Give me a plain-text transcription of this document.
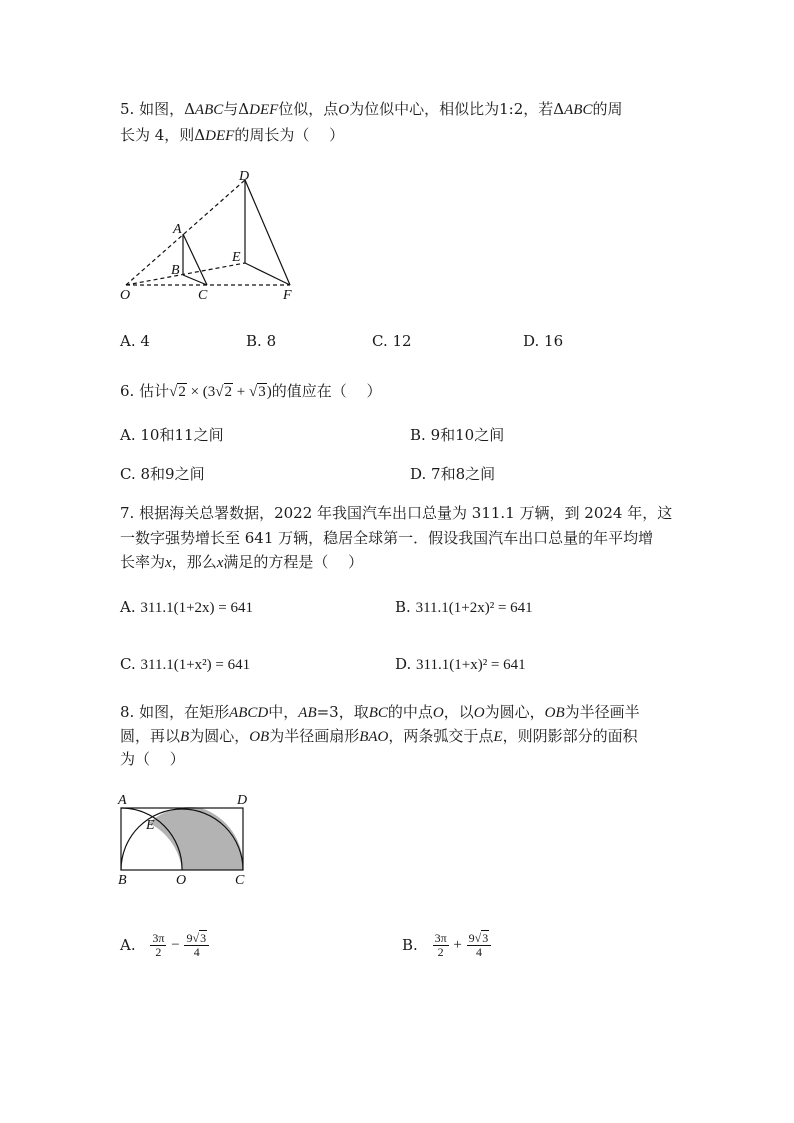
5. 如图，ΔABC与ΔDEF位似，点O为位似中心，相似比为1:2，若ΔABC的周
长为 4，则ΔDEF的周长为（　 ）
D
A
E
B
O	C	F
A. 4	B. 8	C. 12	D. 16
6. 估计√2 × (3√2 + √3)的值应在（　 ）
A. 10和11之间	B. 9和10之间
C. 8和9之间	D. 7和8之间
7. 根据海关总署数据，2022 年我国汽车出口总量为 311.1 万辆，到 2024 年，这
一数字强势增长至 641 万辆，稳居全球第一．假设我国汽车出口总量的年平均增
长率为x，那么x满足的方程是（　 ）
A. 311.1(1+2x) = 641	B. 311.1(1+2x)² = 641
C. 311.1(1+x²) = 641	D. 311.1(1+x)² = 641
8. 如图，在矩形ABCD中，AB=3，取BC的中点O，以O为圆心，OB为半径画半
圆，再以B为圆心，OB为半径画扇形BAO，两条弧交于点E，则阴影部分的面积
为（　 ）
A	D
E
B	O	C
A. $\frac{3\pi}{2} - \frac{9√3}{4}$	B. $\frac{3\pi}{2} + \frac{9√3}{4}$
